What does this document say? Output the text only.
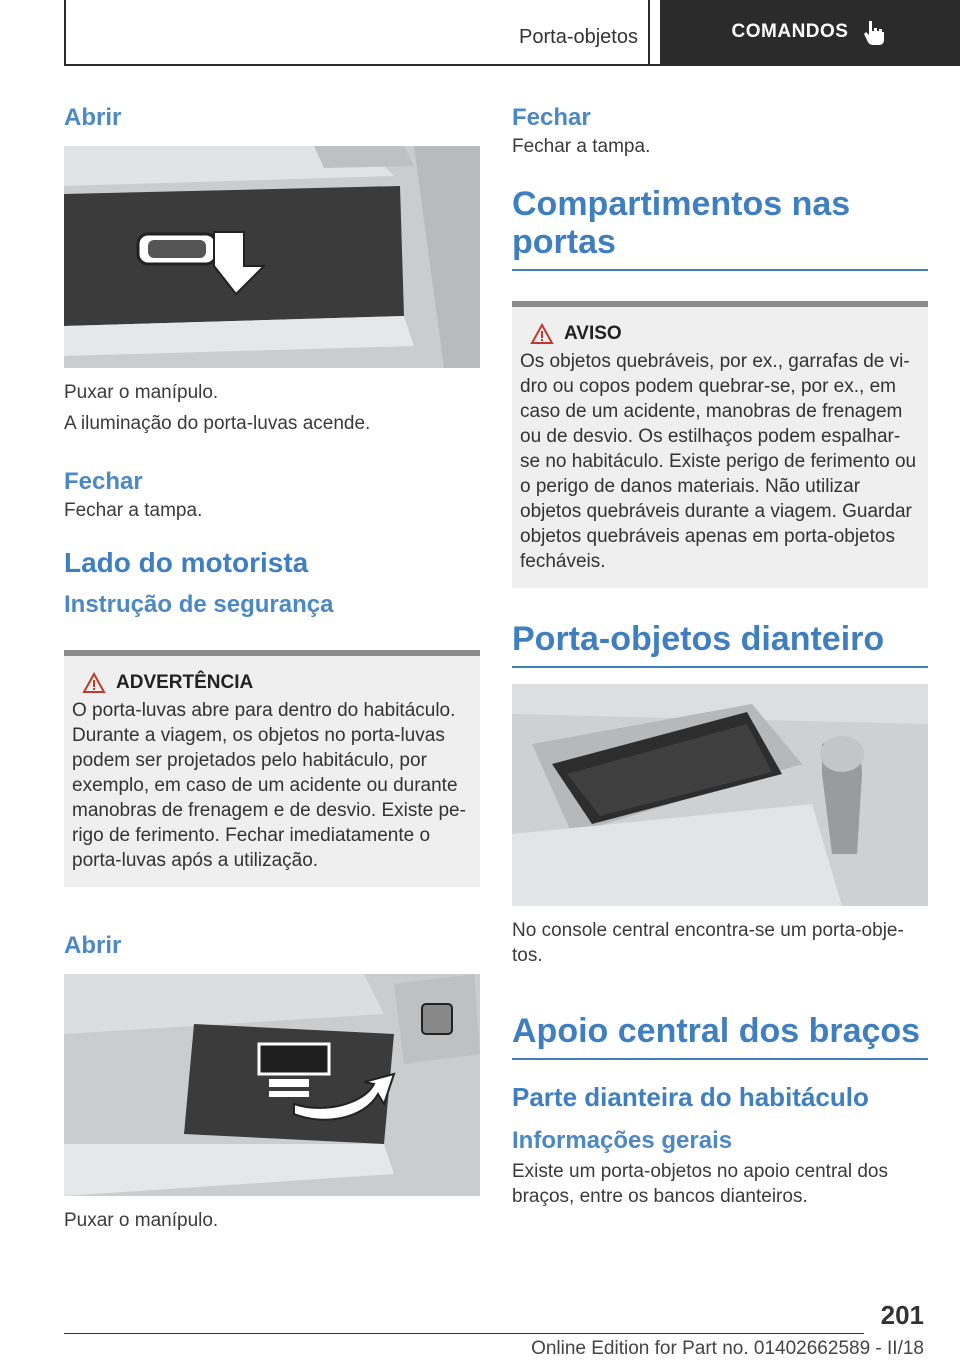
Porta-objetos	COMANDOS
Abrir

Puxar o manípulo.

A iluminação do porta-luvas acende.

Fechar

Fechar a tampa.

Lado do motorista
Instrução de segurança
ADVERTÊNCIA

O porta-luvas abre para dentro do habitáculo. Durante a viagem, os objetos no porta-luvas podem ser projetados pelo habitáculo, por exemplo, em caso de um acidente ou durante manobras de frenagem e de desvio. Existe pe-rigo de ferimento. Fechar imediatamente o porta-luvas após a utilização.

Abrir

Puxar o manípulo.

Fechar

Fechar a tampa.

Compartimentos nas portas
AVISO

Os objetos quebráveis, por ex., garrafas de vi-dro ou copos podem quebrar-se, por ex., em caso de um acidente, manobras de frenagem ou de desvio. Os estilhaços podem espalhar-se no habitáculo. Existe perigo de ferimento ou o perigo de danos materiais. Não utilizar objetos quebráveis durante a viagem. Guardar objetos quebráveis apenas em porta-objetos fecháveis.

Porta-objetos dianteiro

No console central encontra-se um porta-obje-tos.

Apoio central dos braços
Parte dianteira do habitáculo
Informações gerais

Existe um porta-objetos no apoio central dos braços, entre os bancos dianteiros.

201
Online Edition for Part no. 01402662589 - II/18
